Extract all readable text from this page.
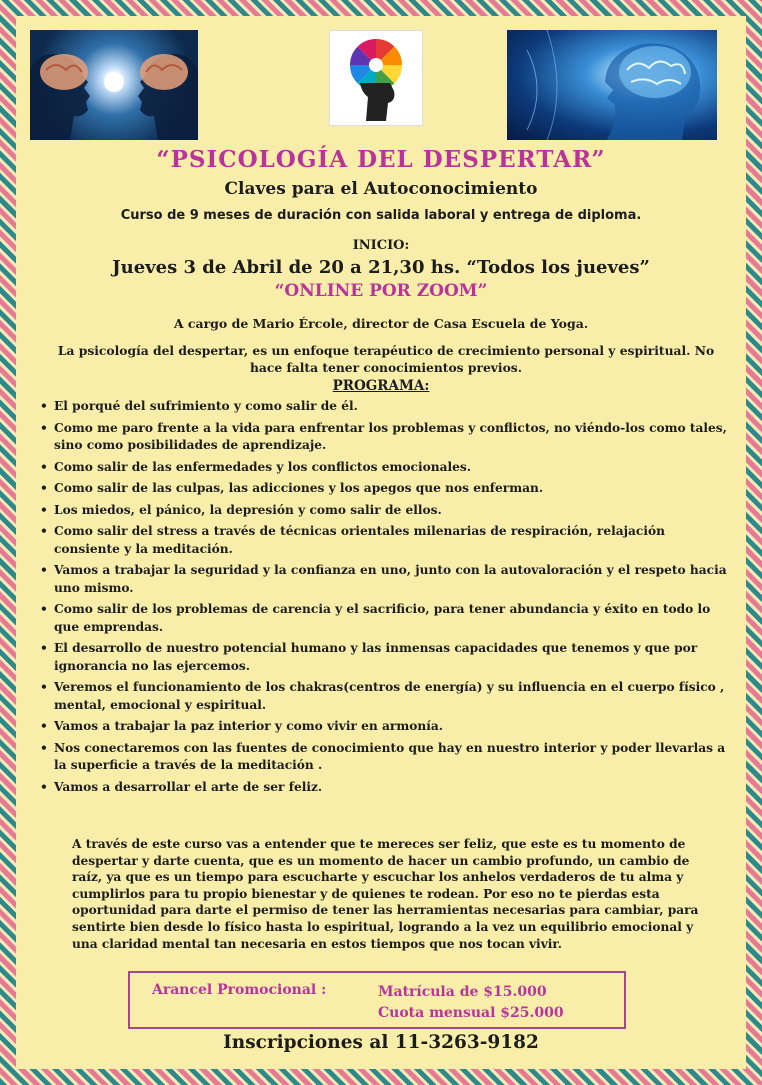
“PSICOLOGÍA DEL DESPERTAR”
Claves para el Autoconocimiento
Curso de 9 meses de duración con salida laboral y entrega de diploma.
INICIO:
Jueves 3 de Abril de 20 a 21,30 hs. “Todos los jueves”
“ONLINE POR ZOOM”
A cargo de Mario Ércole, director de Casa Escuela de Yoga.
La psicología del despertar, es un enfoque terapéutico de crecimiento personal y espiritual. No hace falta tener conocimientos previos.
PROGRAMA:
• El porqué del sufrimiento y como salir de él.
• Como me paro frente a la vida para enfrentar los problemas y conflictos, no viéndo-los como tales, sino como posibilidades de aprendizaje.
• Como salir de las enfermedades y los conflictos emocionales.
• Como salir de las culpas, las adicciones y los apegos que nos enferman.
• Los miedos, el pánico, la depresión y como salir de ellos.
• Como salir del stress a través de técnicas orientales milenarias de respiración, relajación consiente y la meditación.
• Vamos a trabajar la seguridad y la confianza en uno, junto con la autovaloración y el respeto hacia uno mismo.
• Como salir de los problemas de carencia y el sacrificio, para tener abundancia y éxito en todo lo que emprendas.
• El desarrollo de nuestro potencial humano y las inmensas capacidades que tenemos y que por ignorancia no las ejercemos.
• Veremos el funcionamiento de los chakras(centros de energía) y su influencia en el cuerpo físico , mental, emocional y espiritual.
• Vamos a trabajar la paz interior y como vivir en armonía.
• Nos conectaremos con las fuentes de conocimiento que hay en nuestro interior y poder llevarlas a la superficie a través de la meditación .
• Vamos a desarrollar el arte de ser feliz.
A través de este curso vas a entender que te mereces ser feliz, que este es tu momento de despertar y darte cuenta, que es un momento de hacer un cambio profundo, un cambio de raíz, ya que es un tiempo para escucharte y escuchar los anhelos verdaderos de tu alma y cumplirlos para tu propio bienestar y de quienes te rodean. Por eso no te pierdas esta oportunidad para darte el permiso de tener las herramientas necesarias para cambiar, para sentirte bien desde lo físico hasta lo espiritual, logrando a la vez un equilibrio emocional y una claridad mental tan necesaria en estos tiempos que nos tocan vivir.
Arancel Promocional :	Matrícula de $15.000
Cuota mensual $25.000
Inscripciones al 11-3263-9182
